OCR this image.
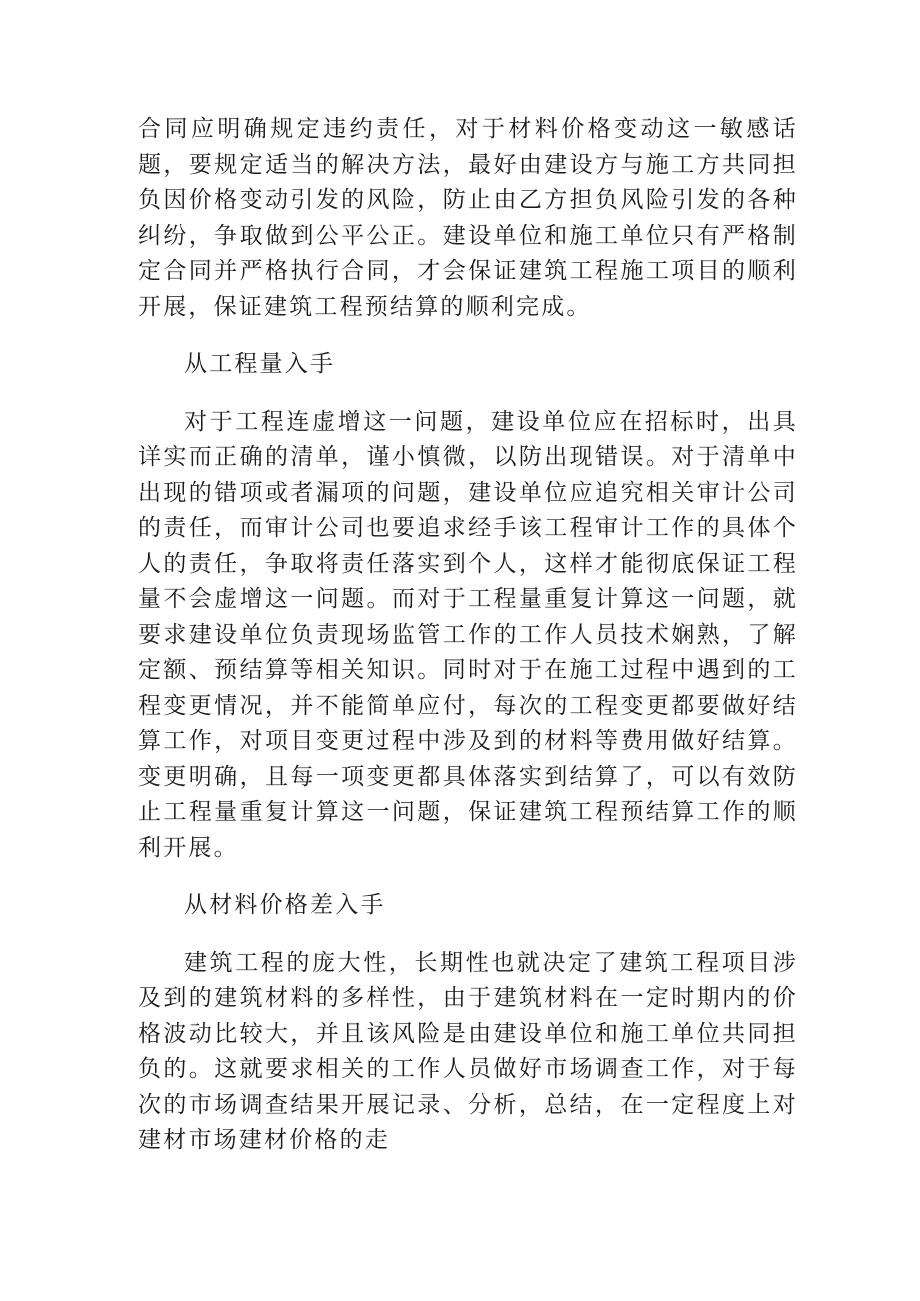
合同应明确规定违约责任，对于材料价格变动这一敏感话题，要规定适当的解决方法，最好由建设方与施工方共同担负因价格变动引发的风险，防止由乙方担负风险引发的各种纠纷，争取做到公平公正。建设单位和施工单位只有严格制定合同并严格执行合同，才会保证建筑工程施工项目的顺利开展，保证建筑工程预结算的顺利完成。

从工程量入手

对于工程连虚增这一问题，建设单位应在招标时，出具详实而正确的清单，谨小慎微，以防出现错误。对于清单中出现的错项或者漏项的问题，建设单位应追究相关审计公司的责任，而审计公司也要追求经手该工程审计工作的具体个人的责任，争取将责任落实到个人，这样才能彻底保证工程量不会虚增这一问题。而对于工程量重复计算这一问题，就要求建设单位负责现场监管工作的工作人员技术娴熟，了解定额、预结算等相关知识。同时对于在施工过程中遇到的工程变更情况，并不能简单应付，每次的工程变更都要做好结算工作，对项目变更过程中涉及到的材料等费用做好结算。变更明确，且每一项变更都具体落实到结算了，可以有效防止工程量重复计算这一问题，保证建筑工程预结算工作的顺利开展。

从材料价格差入手

建筑工程的庞大性，长期性也就决定了建筑工程项目涉及到的建筑材料的多样性，由于建筑材料在一定时期内的价格波动比较大，并且该风险是由建设单位和施工单位共同担负的。这就要求相关的工作人员做好市场调查工作，对于每次的市场调查结果开展记录、分析，总结，在一定程度上对建材市场建材价格的走
